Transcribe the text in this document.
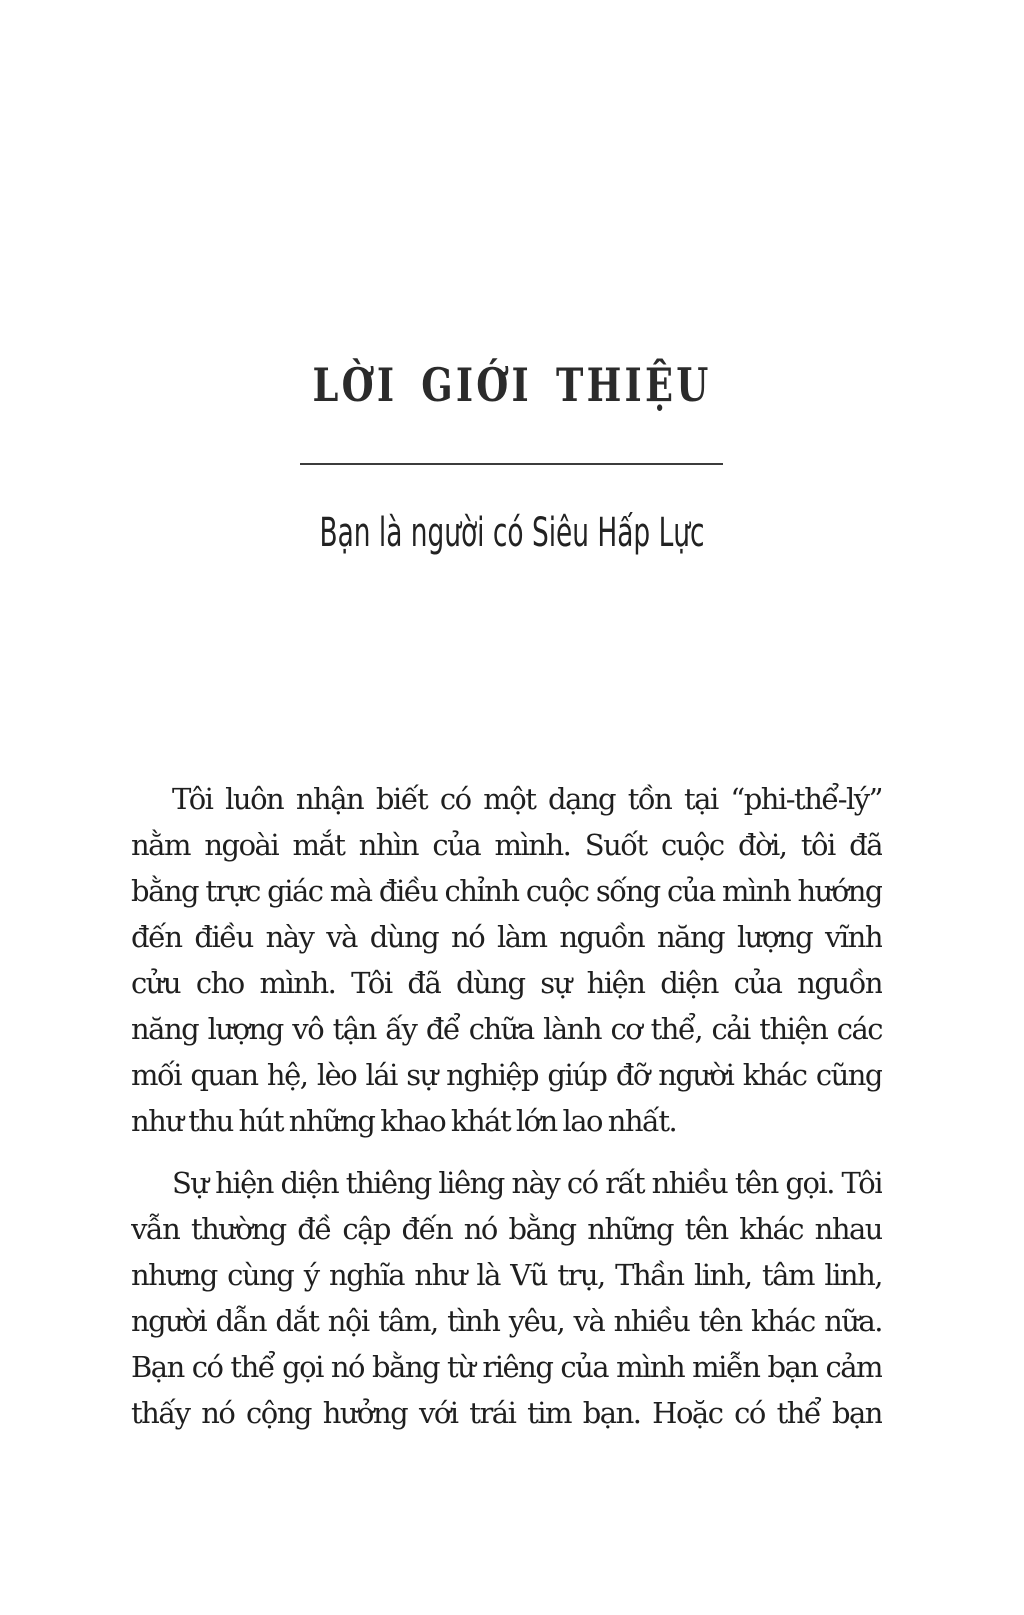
LỜI GIỚI THIỆU
Bạn là người có Siêu Hấp Lực
Tôi luôn nhận biết có một dạng tồn tại “phi-thể-lý”
nằm ngoài mắt nhìn của mình. Suốt cuộc đời, tôi đã
bằng trực giác mà điều chỉnh cuộc sống của mình hướng
đến điều này và dùng nó làm nguồn năng lượng vĩnh
cửu cho mình. Tôi đã dùng sự hiện diện của nguồn
năng lượng vô tận ấy để chữa lành cơ thể, cải thiện các
mối quan hệ, lèo lái sự nghiệp giúp đỡ người khác cũng
như thu hút những khao khát lớn lao nhất.
Sự hiện diện thiêng liêng này có rất nhiều tên gọi. Tôi
vẫn thường đề cập đến nó bằng những tên khác nhau
nhưng cùng ý nghĩa như là Vũ trụ, Thần linh, tâm linh,
người dẫn dắt nội tâm, tình yêu, và nhiều tên khác nữa.
Bạn có thể gọi nó bằng từ riêng của mình miễn bạn cảm
thấy nó cộng hưởng với trái tim bạn. Hoặc có thể bạn
